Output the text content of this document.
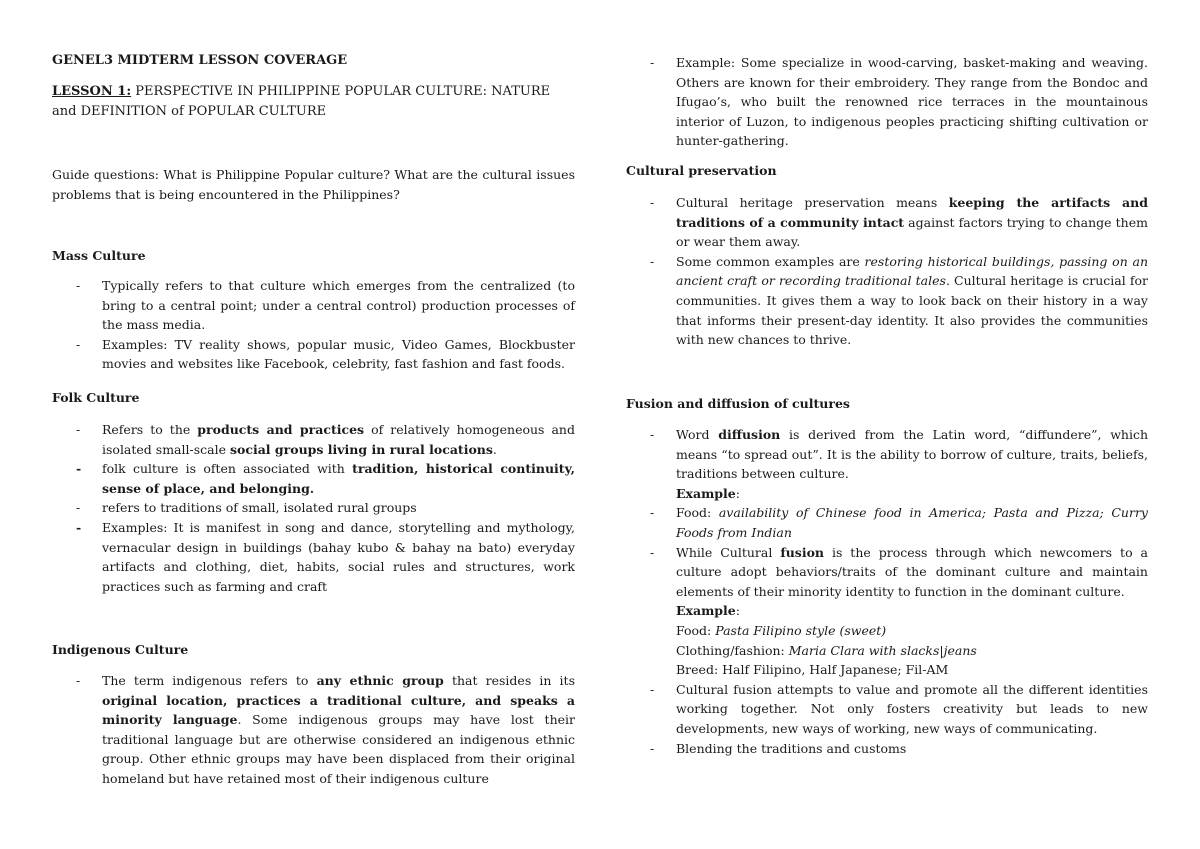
GENEL3 MIDTERM LESSON COVERAGE
LESSON 1: PERSPECTIVE IN PHILIPPINE POPULAR CULTURE: NATURE and DEFINITION of POPULAR CULTURE
Guide questions: What is Philippine Popular culture? What are the cultural issues problems that is being encountered in the Philippines?
Mass Culture
- Typically refers to that culture which emerges from the centralized (to bring to a central point; under a central control) production processes of the mass media.
- Examples: TV reality shows, popular music, Video Games, Blockbuster movies and websites like Facebook, celebrity, fast fashion and fast foods.
Folk Culture
- Refers to the products and practices of relatively homogeneous and isolated small-scale social groups living in rural locations.
- folk culture is often associated with tradition, historical continuity, sense of place, and belonging.
- refers to traditions of small, isolated rural groups
- Examples: It is manifest in song and dance, storytelling and mythology, vernacular design in buildings (bahay kubo & bahay na bato) everyday artifacts and clothing, diet, habits, social rules and structures, work practices such as farming and craft
Indigenous Culture
- The term indigenous refers to any ethnic group that resides in its original location, practices a traditional culture, and speaks a minority language. Some indigenous groups may have lost their traditional language but are otherwise considered an indigenous ethnic group. Other ethnic groups may have been displaced from their original homeland but have retained most of their indigenous culture
- Example: Some specialize in wood-carving, basket-making and weaving. Others are known for their embroidery. They range from the Bondoc and Ifugao’s, who built the renowned rice terraces in the mountainous interior of Luzon, to indigenous peoples practicing shifting cultivation or hunter-gathering.
Cultural preservation
- Cultural heritage preservation means keeping the artifacts and traditions of a community intact against factors trying to change them or wear them away.
- Some common examples are restoring historical buildings, passing on an ancient craft or recording traditional tales. Cultural heritage is crucial for communities. It gives them a way to look back on their history in a way that informs their present-day identity. It also provides the communities with new chances to thrive.
Fusion and diffusion of cultures
- Word diffusion is derived from the Latin word, “diffundere”, which means “to spread out”. It is the ability to borrow of culture, traits, beliefs, traditions between culture.
Example:
- Food: availability of Chinese food in America; Pasta and Pizza; Curry Foods from Indian
- While Cultural fusion is the process through which newcomers to a culture adopt behaviors/traits of the dominant culture and maintain elements of their minority identity to function in the dominant culture.
Example:
Food: Pasta Filipino style (sweet)
Clothing/fashion: Maria Clara with slacks|jeans
Breed: Half Filipino, Half Japanese; Fil-AM
- Cultural fusion attempts to value and promote all the different identities working together. Not only fosters creativity but leads to new developments, new ways of working, new ways of communicating.
- Blending the traditions and customs
